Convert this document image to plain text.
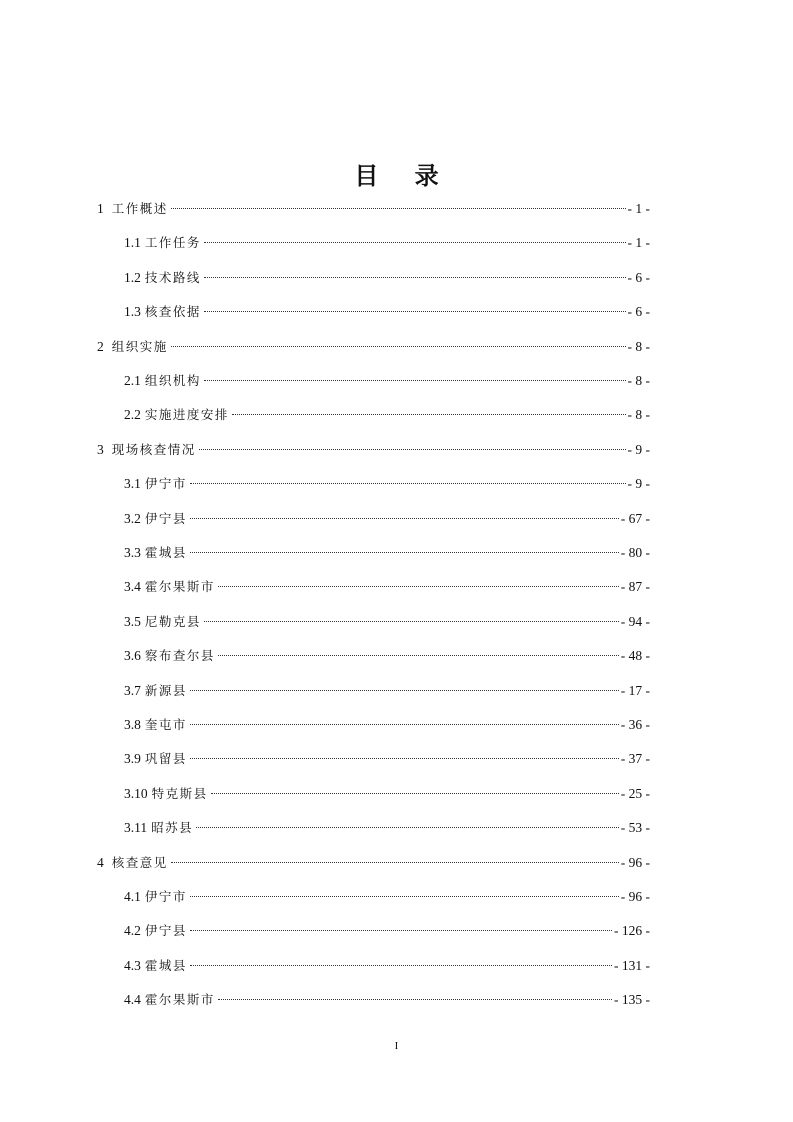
目 录
1 工作概述	- 1 -
1.1 工作任务	- 1 -
1.2 技术路线	- 6 -
1.3 核查依据	- 6 -
2 组织实施	- 8 -
2.1 组织机构	- 8 -
2.2 实施进度安排	- 8 -
3 现场核查情况	- 9 -
3.1 伊宁市	- 9 -
3.2 伊宁县	- 67 -
3.3 霍城县	- 80 -
3.4 霍尔果斯市	- 87 -
3.5 尼勒克县	- 94 -
3.6 察布查尔县	- 48 -
3.7 新源县	- 17 -
3.8 奎屯市	- 36 -
3.9 巩留县	- 37 -
3.10 特克斯县	- 25 -
3.11 昭苏县	- 53 -
4 核查意见	- 96 -
4.1 伊宁市	- 96 -
4.2 伊宁县	- 126 -
4.3 霍城县	- 131 -
4.4 霍尔果斯市	- 135 -
I
